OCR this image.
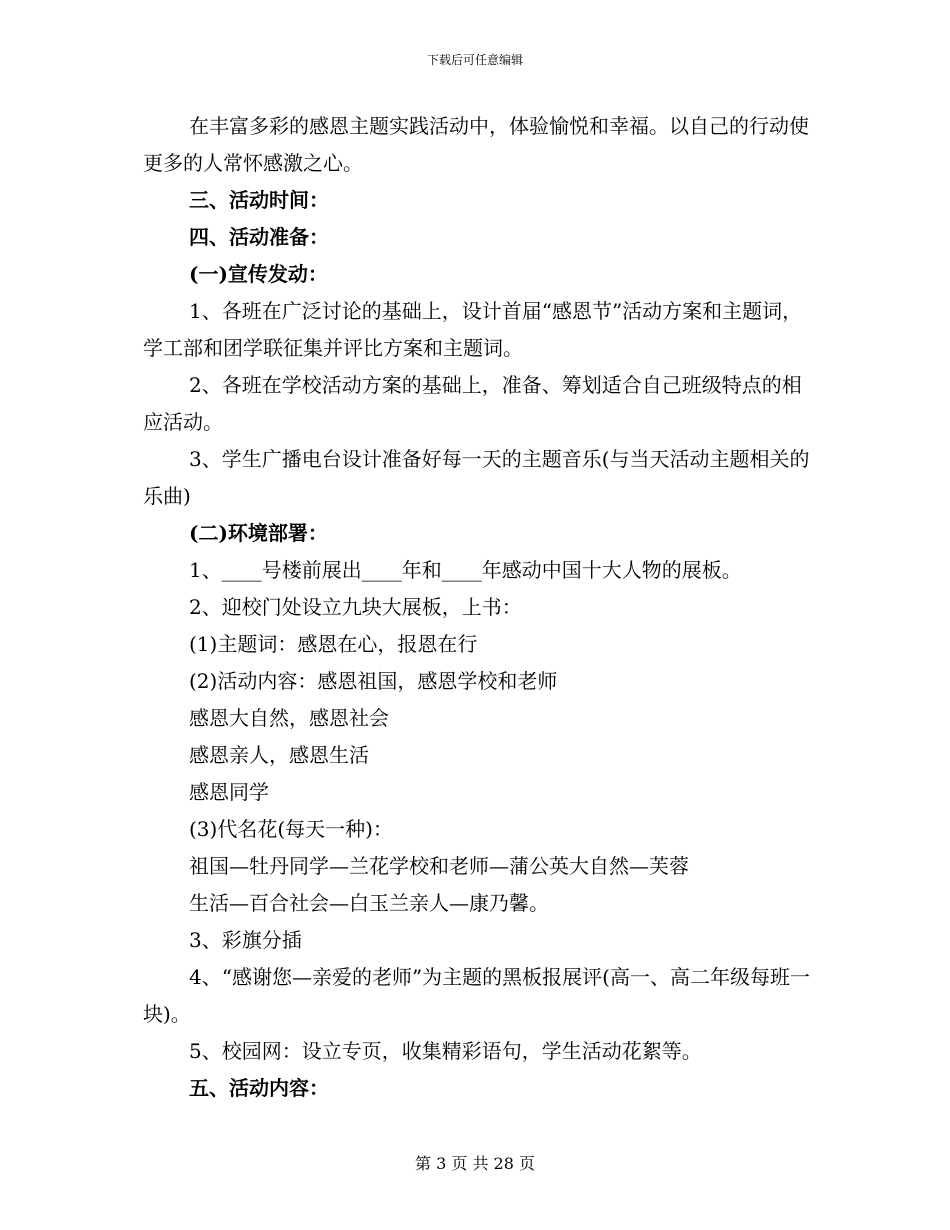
下载后可任意编辑

在丰富多彩的感恩主题实践活动中，体验愉悦和幸福。以自己的行动使更多的人常怀感激之心。

三、活动时间：

四、活动准备：

(一)宣传发动：

1、各班在广泛讨论的基础上，设计首届“感恩节”活动方案和主题词，学工部和团学联征集并评比方案和主题词。

2、各班在学校活动方案的基础上，准备、筹划适合自己班级特点的相应活动。

3、学生广播电台设计准备好每一天的主题音乐(与当天活动主题相关的乐曲)

(二)环境部署：

1、____号楼前展出____年和____年感动中国十大人物的展板。

2、迎校门处设立九块大展板，上书：

(1)主题词：感恩在心，报恩在行

(2)活动内容：感恩祖国，感恩学校和老师

感恩大自然，感恩社会

感恩亲人，感恩生活

感恩同学

(3)代名花(每天一种)：

祖国—牡丹同学—兰花学校和老师—蒲公英大自然—芙蓉

生活—百合社会—白玉兰亲人—康乃馨。

3、彩旗分插

4、“感谢您—亲爱的老师”为主题的黑板报展评(高一、高二年级每班一块)。

5、校园网：设立专页，收集精彩语句，学生活动花絮等。

五、活动内容：

第 3 页 共 28 页
